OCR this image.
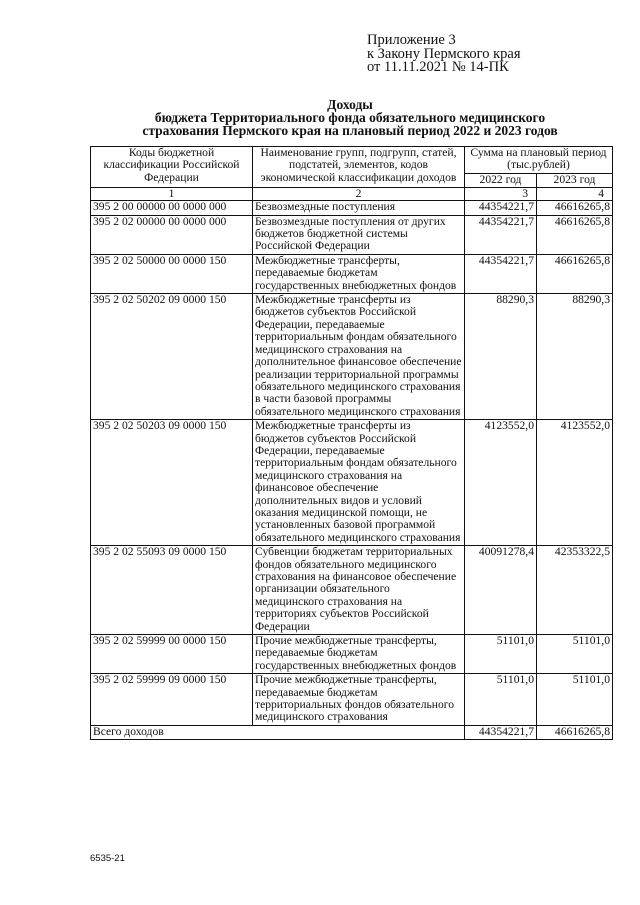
Приложение 3
к Закону Пермского края
от 11.11.2021 № 14-ПК
Доходы
бюджета Территориального фонда обязательного медицинского
страхования Пермского края на плановый период 2022 и 2023 годов
Коды бюджетной классификации Российской Федерации	Наименование групп, подгрупп, статей, подстатей, элементов, кодов экономической классификации доходов	Сумма на плановый период (тыс.рублей)	
		2022 год	2023 год
1	2	3	4
395 2 00 00000 00 0000 000	Безвозмездные поступления	44354221,7	46616265,8
395 2 02 00000 00 0000 000	Безвозмездные поступления от других бюджетов бюджетной системы Российской Федерации	44354221,7	46616265,8
395 2 02 50000 00 0000 150	Межбюджетные трансферты, передаваемые бюджетам государственных внебюджетных фондов	44354221,7	46616265,8
395 2 02 50202 09 0000 150	Межбюджетные трансферты из бюджетов субъектов Российской Федерации, передаваемые территориальным фондам обязательного медицинского страхования на дополнительное финансовое обеспечение реализации территориальной программы обязательного медицинского страхования в части базовой программы обязательного медицинского страхования	88290,3	88290,3
395 2 02 50203 09 0000 150	Межбюджетные трансферты из бюджетов субъектов Российской Федерации, передаваемые территориальным фондам обязательного медицинского страхования на финансовое обеспечение дополнительных видов и условий оказания медицинской помощи, не установленных базовой программой обязательного медицинского страхования	4123552,0	4123552,0
395 2 02 55093 09 0000 150	Субвенции бюджетам территориальных фондов обязательного медицинского страхования на финансовое обеспечение организации обязательного медицинского страхования на территориях субъектов Российской Федерации	40091278,4	42353322,5
395 2 02 59999 00 0000 150	Прочие межбюджетные трансферты, передаваемые бюджетам государственных внебюджетных фондов	51101,0	51101,0
395 2 02 59999 09 0000 150	Прочие межбюджетные трансферты, передаваемые бюджетам территориальных фондов обязательного медицинского страхования	51101,0	51101,0
Всего доходов		44354221,7	46616265,8
6535-21
